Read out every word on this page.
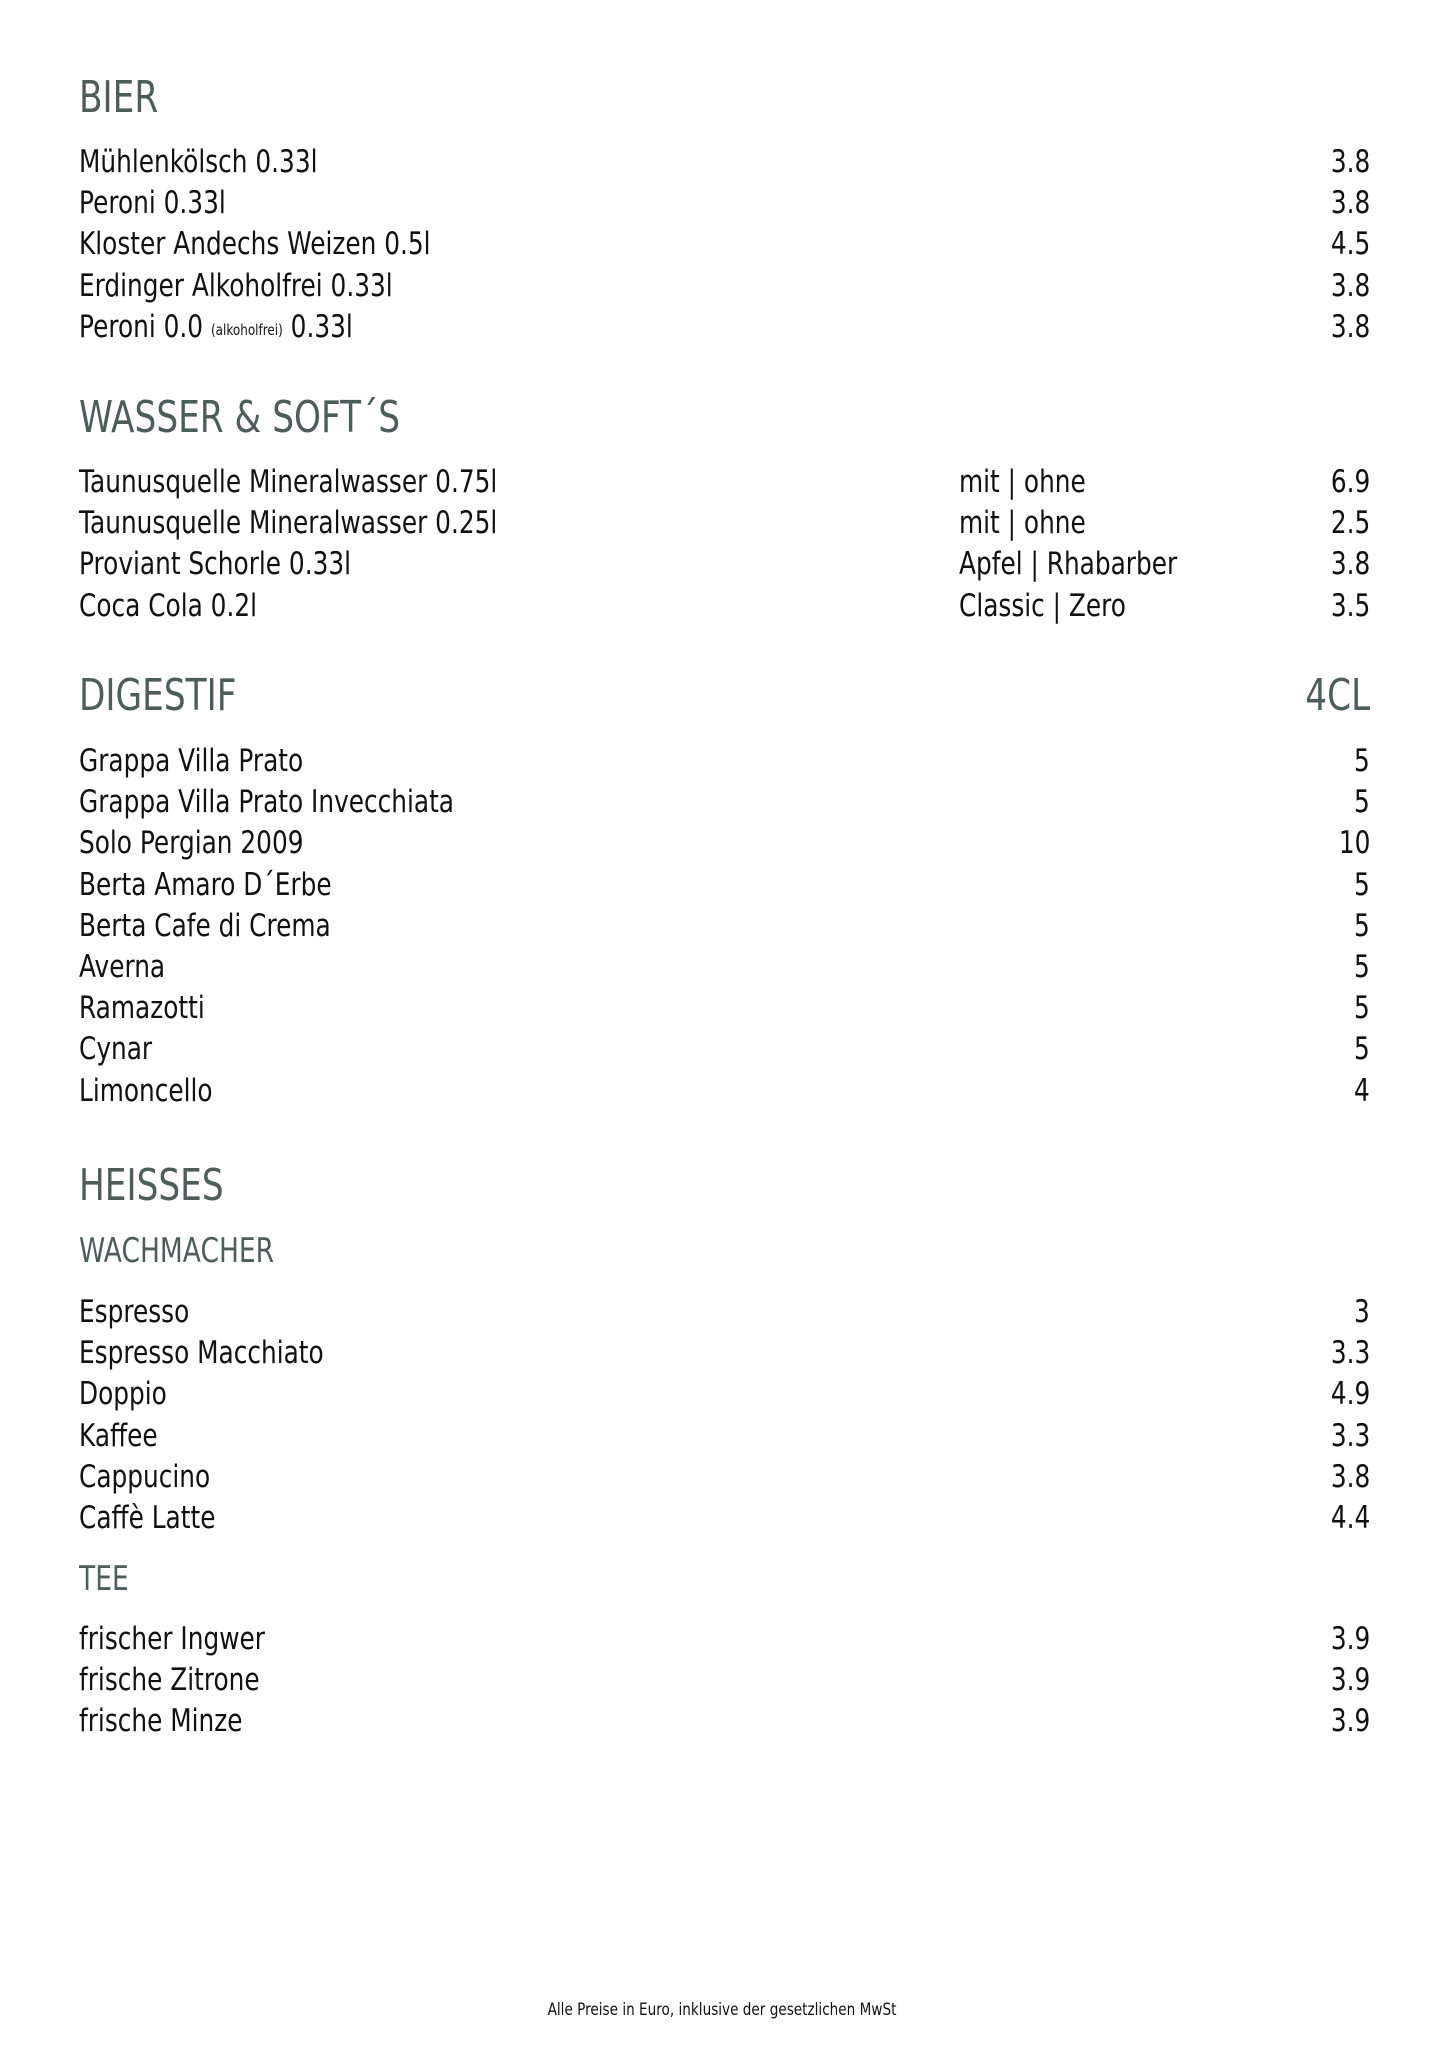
BIER
Mühlenkölsch 0.33l	3.8
Peroni 0.33l	3.8
Kloster Andechs Weizen 0.5l	4.5
Erdinger Alkoholfrei 0.33l	3.8
Peroni 0.0 (alkoholfrei) 0.33l	3.8
WASSER & SOFT´S
Taunusquelle Mineralwasser 0.75l	mit | ohne	6.9
Taunusquelle Mineralwasser 0.25l	mit | ohne	2.5
Proviant Schorle 0.33l	Apfel | Rhabarber	3.8
Coca Cola 0.2l	Classic | Zero	3.5
DIGESTIF	4CL
Grappa Villa Prato	5
Grappa Villa Prato Invecchiata	5
Solo Pergian 2009	10
Berta Amaro D´Erbe	5
Berta Cafe di Crema	5
Averna	5
Ramazotti	5
Cynar	5
Limoncello	4
HEISSES
WACHMACHER
Espresso	3
Espresso Macchiato	3.3
Doppio	4.9
Kaffee	3.3
Cappucino	3.8
Caffè Latte	4.4
TEE
frischer Ingwer	3.9
frische Zitrone	3.9
frische Minze	3.9
Alle Preise in Euro, inklusive der gesetzlichen MwSt
